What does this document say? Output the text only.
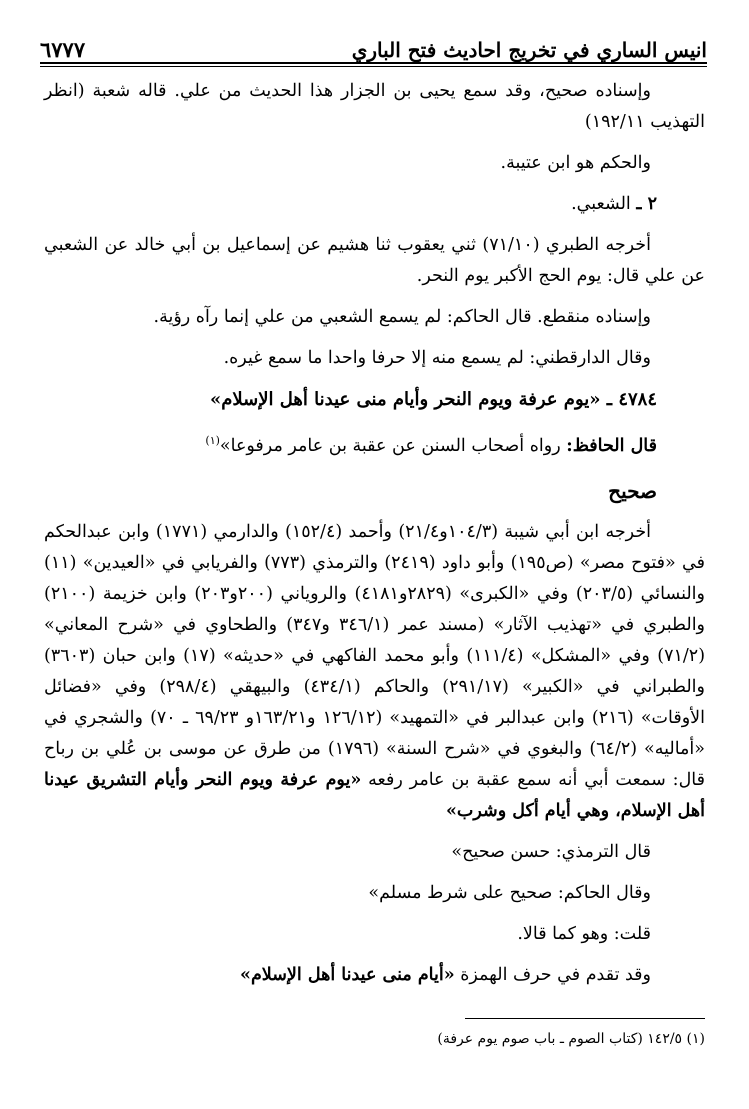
انيس الساري في تخريج احاديث فتح الباري
٦٧٧٧

وإسناده صحيح، وقد سمع يحيى بن الجزار هذا الحديث من علي. قاله شعبة (انظر التهذيب ١٩٢/١١)

والحكم هو ابن عتيبة.

٢ ـ الشعبي.

أخرجه الطبري (٧١/١٠) ثني يعقوب ثنا هشيم عن إسماعيل بن أبي خالد عن الشعبي عن علي قال: يوم الحج الأكبر يوم النحر.

وإسناده منقطع. قال الحاكم: لم يسمع الشعبي من علي إنما رآه رؤية.

وقال الدارقطني: لم يسمع منه إلا حرفا واحدا ما سمع غيره.

٤٧٨٤ ـ «يوم عرفة ويوم النحر وأيام منى عيدنا أهل الإسلام»

قال الحافظ: رواه أصحاب السنن عن عقبة بن عامر مرفوعا»$^{(١)}$

صحيح

أخرجه ابن أبي شيبة (١٠٤/٣و٢١/٤) وأحمد (١٥٢/٤) والدارمي (١٧٧١) وابن عبدالحكم في «فتوح مصر» (ص١٩٥) وأبو داود (٢٤١٩) والترمذي (٧٧٣) والفريابي في «العيدين» (١١) والنسائي (٢٠٣/٥) وفي «الكبرى» (٢٨٢٩و٤١٨١) والروياني (٢٠٠و٢٠٣) وابن خزيمة (٢١٠٠) والطبري في «تهذيب الآثار» (مسند عمر (٣٤٦/١ و٣٤٧) والطحاوي في «شرح المعاني» (٧١/٢) وفي «المشكل» (١١١/٤) وأبو محمد الفاكهي في «حديثه» (١٧) وابن حبان (٣٦٠٣) والطبراني في «الكبير» (٢٩١/١٧) والحاكم (٤٣٤/١) والبيهقي (٢٩٨/٤) وفي «فضائل الأوقات» (٢١٦) وابن عبدالبر في «التمهيد» (١٢٦/١٢ و١٦٣/٢١و ٦٩/٢٣ ـ ٧٠) والشجري في «أماليه» (٦٤/٢) والبغوي في «شرح السنة» (١٧٩٦) من طرق عن موسى بن عُلي بن رباح قال: سمعت أبي أنه سمع عقبة بن عامر رفعه «يوم عرفة ويوم النحر وأيام التشريق عيدنا أهل الإسلام، وهي أيام أكل وشرب»

قال الترمذي: حسن صحيح»

وقال الحاكم: صحيح على شرط مسلم»

قلت: وهو كما قالا.

وقد تقدم في حرف الهمزة «أيام منى عيدنا أهل الإسلام»

(١) ١٤٢/٥ (كتاب الصوم ـ باب صوم يوم عرفة)
